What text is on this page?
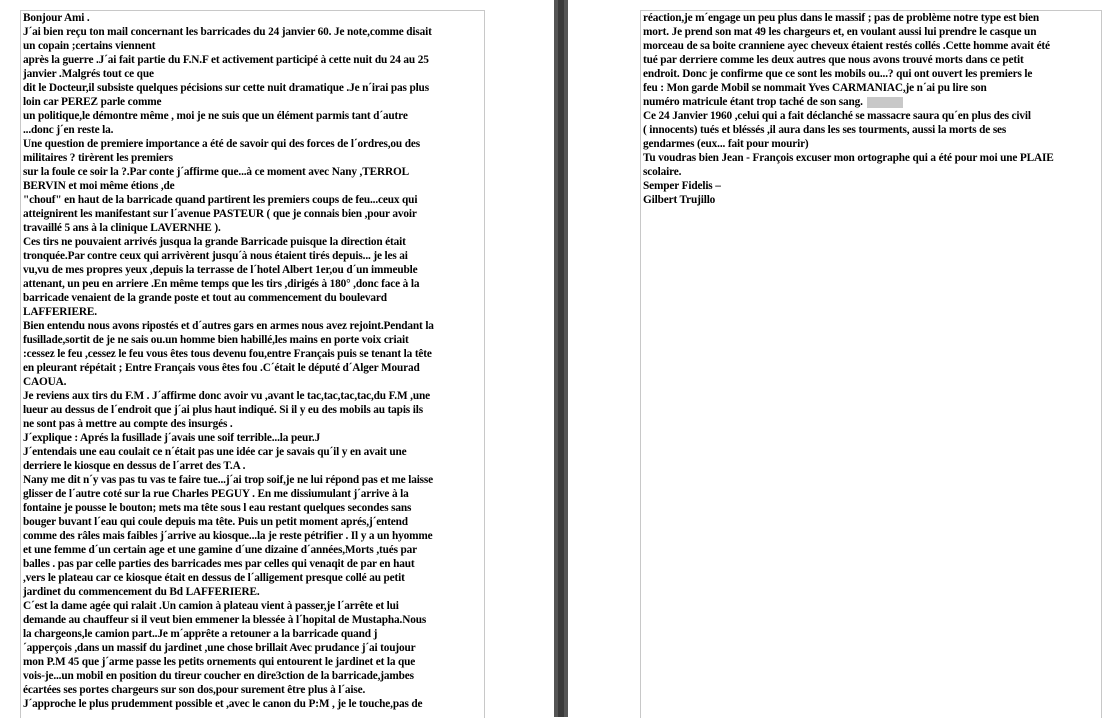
Bonjour Ami .
J´ai bien reçu ton mail concernant les barricades du 24 janvier 60. Je note,comme disait
un copain ;certains viennent
après la guerre .J´ai fait partie du F.N.F et activement participé à cette nuit du 24 au 25
janvier .Malgrés tout ce que
dit le Docteur,il subsiste quelques pécisions sur cette nuit dramatique .Je n´irai pas plus
loin car PEREZ parle comme
un politique,le démontre même , moi je ne suis que un élément parmis tant d´autre
...donc j´en reste la.
Une question de premiere importance a été de savoir qui des forces de l´ordres,ou des
militaires ? tirèrent les premiers
sur la foule ce soir la ?.Par conte j´affirme que...à ce moment avec Nany ,TERROL
BERVIN et moi même étions ,de
"chouf" en haut de la barricade quand partirent les premiers coups de feu...ceux qui
atteignirent les manifestant sur l´avenue PASTEUR ( que je connais bien ,pour avoir
travaillé 5 ans à la clinique LAVERNHE ).
Ces tirs ne pouvaient arrivés jusqua la grande Barricade puisque la direction était
tronquée.Par contre ceux qui arrivèrent jusqu´à nous étaient tirés depuis... je les ai
vu,vu de mes propres yeux ,depuis la terrasse de l´hotel Albert 1er,ou d´un immeuble
attenant, un peu en arriere .En même temps que les tirs ,dirigés à 180° ,donc face à la
barricade venaient de la grande poste et tout au commencement du boulevard
LAFFERIERE.
Bien entendu nous avons ripostés et d´autres gars en armes nous avez rejoint.Pendant la
fusillade,sortit de je ne sais ou.un homme bien habillé,les mains en porte voix criait
:cessez le feu ,cessez le feu vous êtes tous devenu fou,entre Français puis se tenant la tête
en pleurant répétait ; Entre Français vous êtes fou .C´était le député d´Alger Mourad
CAOUA.
Je reviens aux tirs du F.M . J´affirme donc avoir vu ,avant le tac,tac,tac,tac,du F.M ,une
lueur au dessus de l´endroit que j´ai plus haut indiqué. Si il y eu des mobils au tapis ils
ne sont pas à mettre au compte des insurgés .
J´explique : Aprés la fusillade j´avais une soif terrible...la peur.J
J´entendais une eau coulait ce n´était pas une idée car je savais qu´il y en avait une
derriere le kiosque en dessus de l´arret des T.A .
Nany me dit n´y vas pas tu vas te faire tue...j´ai trop soif,je ne lui répond pas et me laisse
glisser de l´autre coté sur la rue Charles PEGUY . En me dissiumulant j´arrive à la
fontaine je pousse le bouton; mets ma tête sous l eau restant quelques secondes sans
bouger buvant l´eau qui coule depuis ma tête. Puis un petit moment aprés,j´entend
comme des râles mais faibles j´arrive au kiosque...la je reste pétrifier . Il y a un hyomme
et une femme d´un certain age et une gamine d´une dizaine d´années,Morts ,tués par
balles . pas par celle parties des barricades mes par celles qui venaqit de par en haut
,vers le plateau car ce kiosque était en dessus de l´alligement presque collé au petit
jardinet du commencement du Bd LAFFERIERE.
C´est la dame agée qui ralait .Un camion à plateau vient à passer,je l´arrête et lui
demande au chauffeur si il veut bien emmener la blessée à l´hopital de Mustapha.Nous
la chargeons,le camion part..Je m´apprête a retouner a la barricade quand j
´apperçois ,dans un massif du jardinet ,une chose brillait Avec prudance j´ai toujour
mon P.M 45 que j´arme passe les petits ornements qui entourent le jardinet et la que
vois-je...un mobil en position du tireur coucher en dire3ction de la barricade,jambes
écartées ses portes chargeurs sur son dos,pour surement être plus à l´aise.
J´approche le plus prudemment possible et ,avec le canon du P:M , je le touche,pas de
réaction,je m´engage un peu plus dans le massif ; pas de problème notre type est bien
mort. Je prend son mat 49 les chargeurs et, en voulant aussi lui prendre le casque un
morceau de sa boite cranniene ayec cheveux étaient restés collés .Cette homme avait été
tué par derriere comme les deux autres que nous avons trouvé morts dans ce petit
endroit. Donc je confirme que ce sont les mobils ou...? qui ont ouvert les premiers le
feu : Mon garde Mobil se nommait Yves CARMANIAC,je n´ai pu lire son
numéro matricule étant trop taché de son sang.
Ce 24 Janvier 1960 ,celui qui a fait déclanché se massacre saura qu´en plus des civil
( innocents) tués et bléssés ,il aura dans les ses tourments, aussi la morts de ses
gendarmes (eux... fait pour mourir)
Tu voudras bien Jean - François excuser mon ortographe qui a été pour moi une PLAIE
scolaire.
Semper Fidelis –
Gilbert Trujillo
